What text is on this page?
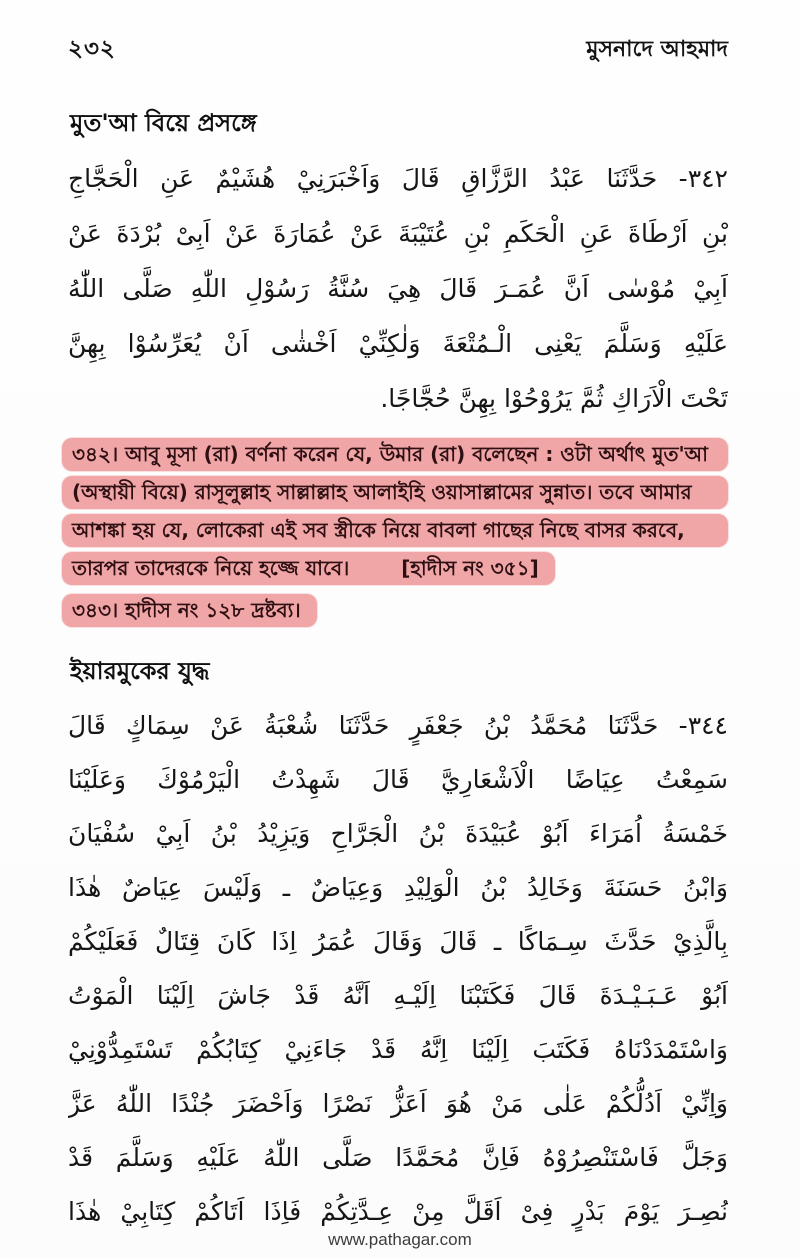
২৩২	মুসনাদে আহমাদ
মুত'আ বিয়ে প্রসঙ্গে
٣٤٢- حَدَّثَنَا عَبْدُ الرَّزَّاقِ قَالَ وَاَخْبَرَنِيْ هُشَيْمٌ عَنِ الْحَجَّاجِ
بْنِ اَرْطَاةَ عَنِ الْحَكَمِ بْنِ عُتَيْبَةَ عَنْ عُمَارَةَ عَنْ اَبِىْ بُرْدَةَ عَنْ
اَبِيْ مُوْسٰى اَنَّ عُمَـرَ قَالَ هِيَ سُنَّةُ رَسُوْلِ اللّٰهِ صَلَّى اللّٰهُ
عَلَيْهِ وَسَلَّمَ يَعْنِى الْـمُتْعَةَ وَلٰكِنِّيْ اَخْشٰى اَنْ يُعَرِّسُوْا بِهِنَّ
تَحْتَ الْاَرَاكِ ثُمَّ يَرُوْحُوْا بِهِنَّ حُجَّاجًا.
৩৪২। আবু মূসা (রা) বর্ণনা করেন যে, উমার (রা) বলেছেন : ওটা অর্থাৎ মুত'আ
(অস্থায়ী বিয়ে) রাসূলুল্লাহ সাল্লাল্লাহ আলাইহি ওয়াসাল্লামের সুন্নাত। তবে আমার
আশঙ্কা হয় যে, লোকেরা এই সব স্ত্রীকে নিয়ে বাবলা গাছের নিছে বাসর করবে,
তারপর তাদেরকে নিয়ে হজ্জে যাবে।	[হাদীস নং ৩৫১]
৩৪৩। হাদীস নং ১২৮ দ্রষ্টব্য।
ইয়ারমুকের যুদ্ধ
٣٤٤- حَدَّثَنَا مُحَمَّدُ بْنُ جَعْفَرٍ حَدَّثَنَا شُعْبَةُ عَنْ سِمَاكٍ قَالَ
سَمِعْتُ عِيَاضًا الْاَشْعَارِيَّ قَالَ شَهِدْتُ الْيَرْمُوْكَ وَعَلَيْنَا
خَمْسَةُ اُمَرَاءَ اَبُوْ عُبَيْدَةَ بْنُ الْجَرَّاحِ وَيَزِيْدُ بْنُ اَبِيْ سُفْيَانَ
وَابْنُ حَسَنَةَ وَخَالِدُ بْنُ الْوَلِيْدِ وَعِيَاضٌ ـ وَلَيْسَ عِيَاضٌ هٰذَا
بِالَّذِيْ حَدَّثَ سِـمَاكًا ـ قَالَ وَقَالَ عُمَرُ اِذَا كَانَ قِتَالٌ فَعَلَيْكُمْ
اَبُوْ عَـبَـيْـدَةَ قَالَ فَكَتَبْنَا اِلَيْـهِ اَنَّهُ قَدْ جَاشَ اِلَيْنَا الْمَوْتُ
وَاسْتَمْدَدْنَاهُ فَكَتَبَ اِلَيْنَا اِنَّهُ قَدْ جَاءَنِيْ كِتَابُكُمْ تَسْتَمِدُّوْنِيْ
وَاِنِّيْ اَدُلُّكُمْ عَلٰى مَنْ هُوَ اَعَزُّ نَصْرًا وَاَحْضَرَ جُنْدًا اللّٰهُ عَزَّ
وَجَلَّ فَاسْتَنْصِرُوْهُ فَاِنَّ مُحَمَّدًا صَلَّى اللّٰهُ عَلَيْهِ وَسَلَّمَ قَدْ
نُصِـرَ يَوْمَ بَدْرٍ فِىْ اَقَلَّ مِنْ عِـدَّتِكُمْ فَاِذَا اَتَاكُمْ كِتَابِيْ هٰذَا
www.pathagar.com
